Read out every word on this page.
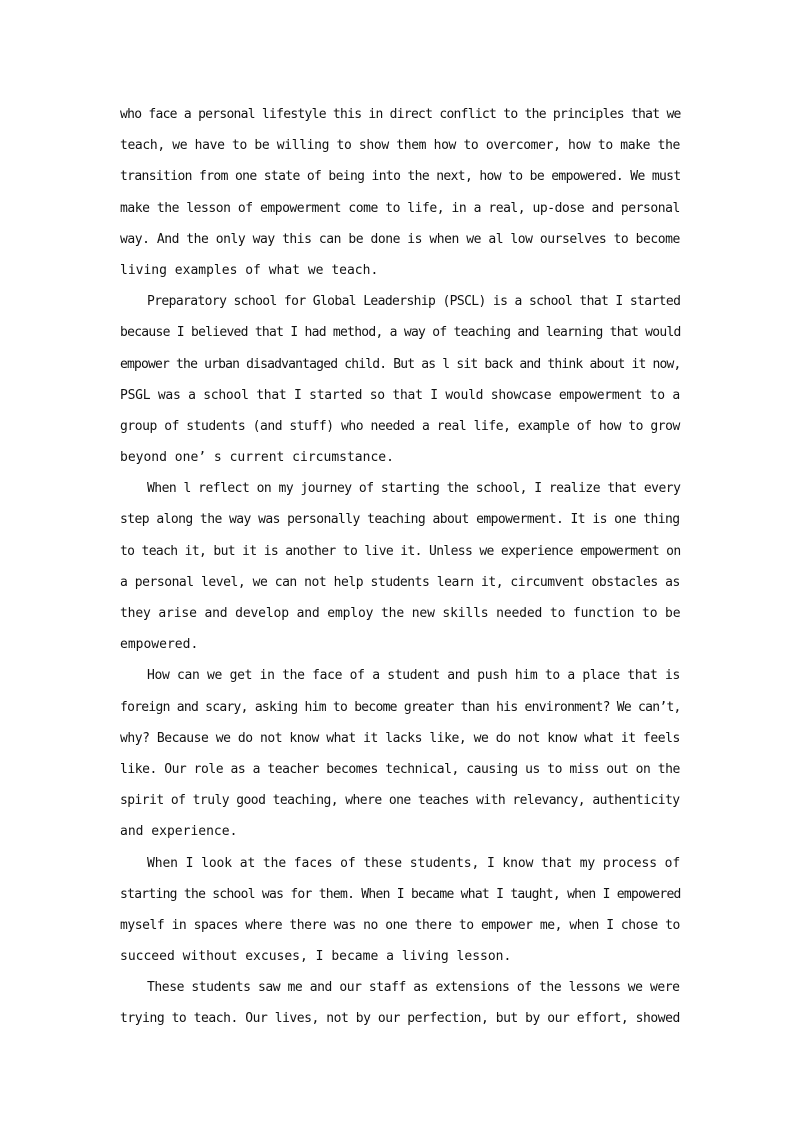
who face a personal lifestyle this in direct conflict to the principles that we
teach, we have to be willing to show them how to overcomer, how to make the
transition from one state of being into the next, how to be empowered. We must
make the lesson of empowerment come to life, in a real, up-dose and personal
way. And the only way this can be done is when we al low ourselves to become
living examples of what we teach.
Preparatory school for Global Leadership (PSCL) is a school that I started
because I believed that I had method, a way of teaching and learning that would
empower the urban disadvantaged child. But as l sit back and think about it now,
PSGL was a school that I started so that I would showcase empowerment to a
group of students (and stuff) who needed a real life, example of how to grow
beyond one’ s current circumstance.
When l reflect on my journey of starting the school, I realize that every
step along the way was personally teaching about empowerment. It is one thing
to teach it, but it is another to live it. Unless we experience empowerment on
a personal level, we can not help students learn it, circumvent obstacles as
they arise and develop and employ the new skills needed to function to be
empowered.
How can we get in the face of a student and push him to a place that is
foreign and scary, asking him to become greater than his environment? We can’t,
why? Because we do not know what it lacks like, we do not know what it feels
like. Our role as a teacher becomes technical, causing us to miss out on the
spirit of truly good teaching, where one teaches with relevancy, authenticity
and experience.
When I look at the faces of these students, I know that my process of
starting the school was for them. When I became what I taught, when I empowered
myself in spaces where there was no one there to empower me, when I chose to
succeed without excuses, I became a living lesson.
These students saw me and our staff as extensions of the lessons we were
trying to teach. Our lives, not by our perfection, but by our effort, showed
